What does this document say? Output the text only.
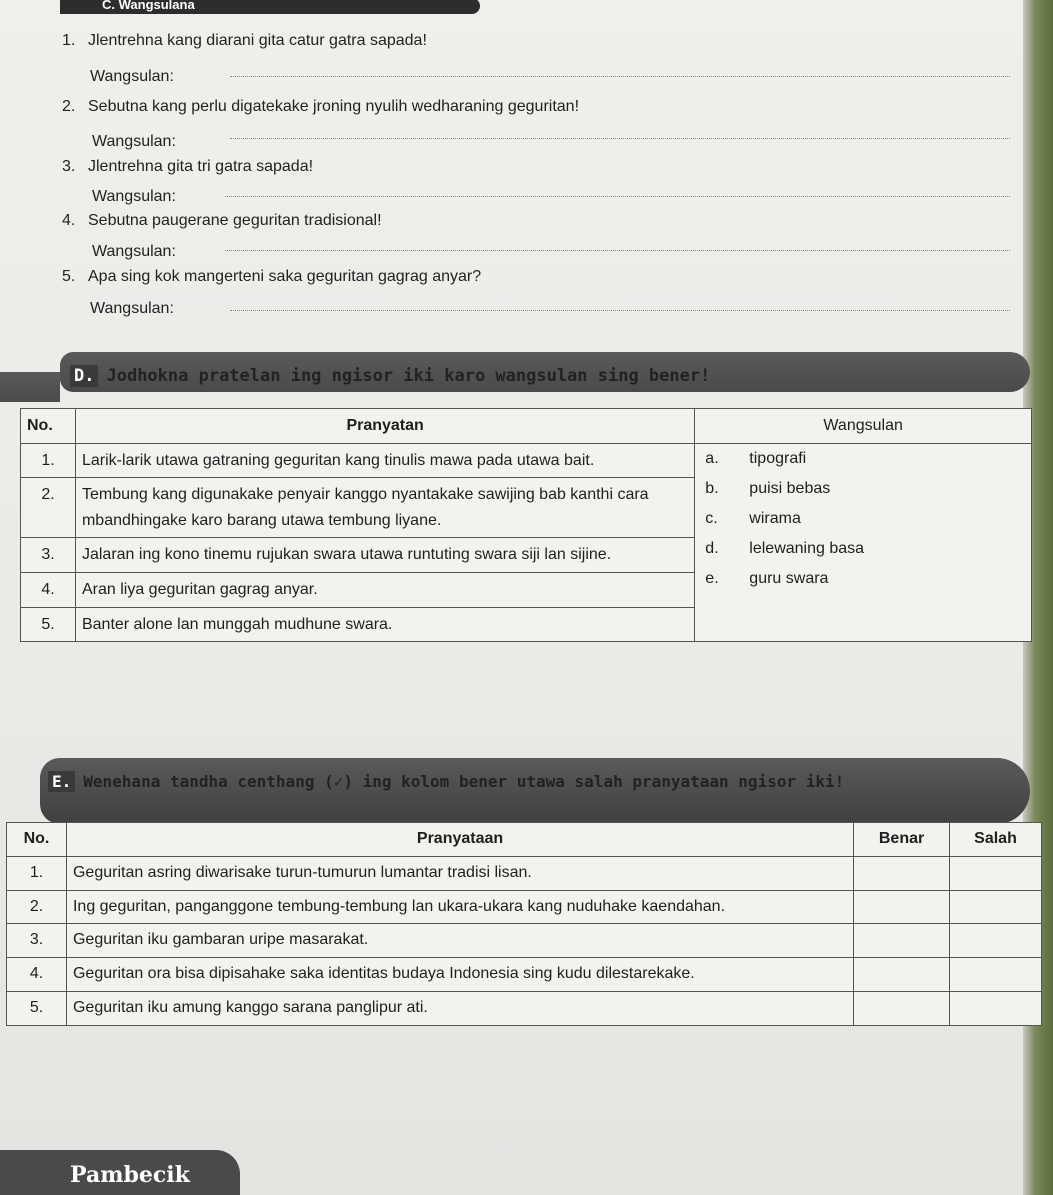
C. Wangsulana
1. Jlentrehna kang diarani gita catur gatra sapada!
Wangsulan:
2. Sebutna kang perlu digatekake jroning nyulih wedharaning geguritan!
Wangsulan:
3. Jlentrehna gita tri gatra sapada!
Wangsulan:
4. Sebutna paugerane geguritan tradisional!
Wangsulan:
5. Apa sing kok mangerteni saka geguritan gagrag anyar?
Wangsulan:
D. Jodhokna pratelan ing ngisor iki karo wangsulan sing bener!
No.	Pranyatan	Wangsulan
1.	Larik-larik utawa gatraning geguritan kang tinulis mawa pada utawa bait.	a. tipografi
b. puisi bebas
c. wirama
d. lelewaning basa
e. guru swara

2.	Tembung kang digunakake penyair kanggo nyantakake sawijing bab kanthi cara mbandhingake karo barang utawa tembung liyane.	
3.	Jalaran ing kono tinemu rujukan swara utawa runtuting swara siji lan sijine.	
4.	Aran liya geguritan gagrag anyar.	
5.	Banter alone lan munggah mudhune swara.	
E. Wenehana tandha centhang (✓) ing kolom bener utawa salah pranyataan ngisor iki!
No.	Pranyataan	Benar	Salah
1.	Geguritan asring diwarisake turun-tumurun lumantar tradisi lisan.		
2.	Ing geguritan, panganggone tembung-tembung lan ukara-ukara kang nuduhake kaendahan.		
3.	Geguritan iku gambaran uripe masarakat.		
4.	Geguritan ora bisa dipisahake saka identitas budaya Indonesia sing kudu dilestarekake.		
5.	Geguritan iku amung kanggo sarana panglipur ati.		
Pambecik
